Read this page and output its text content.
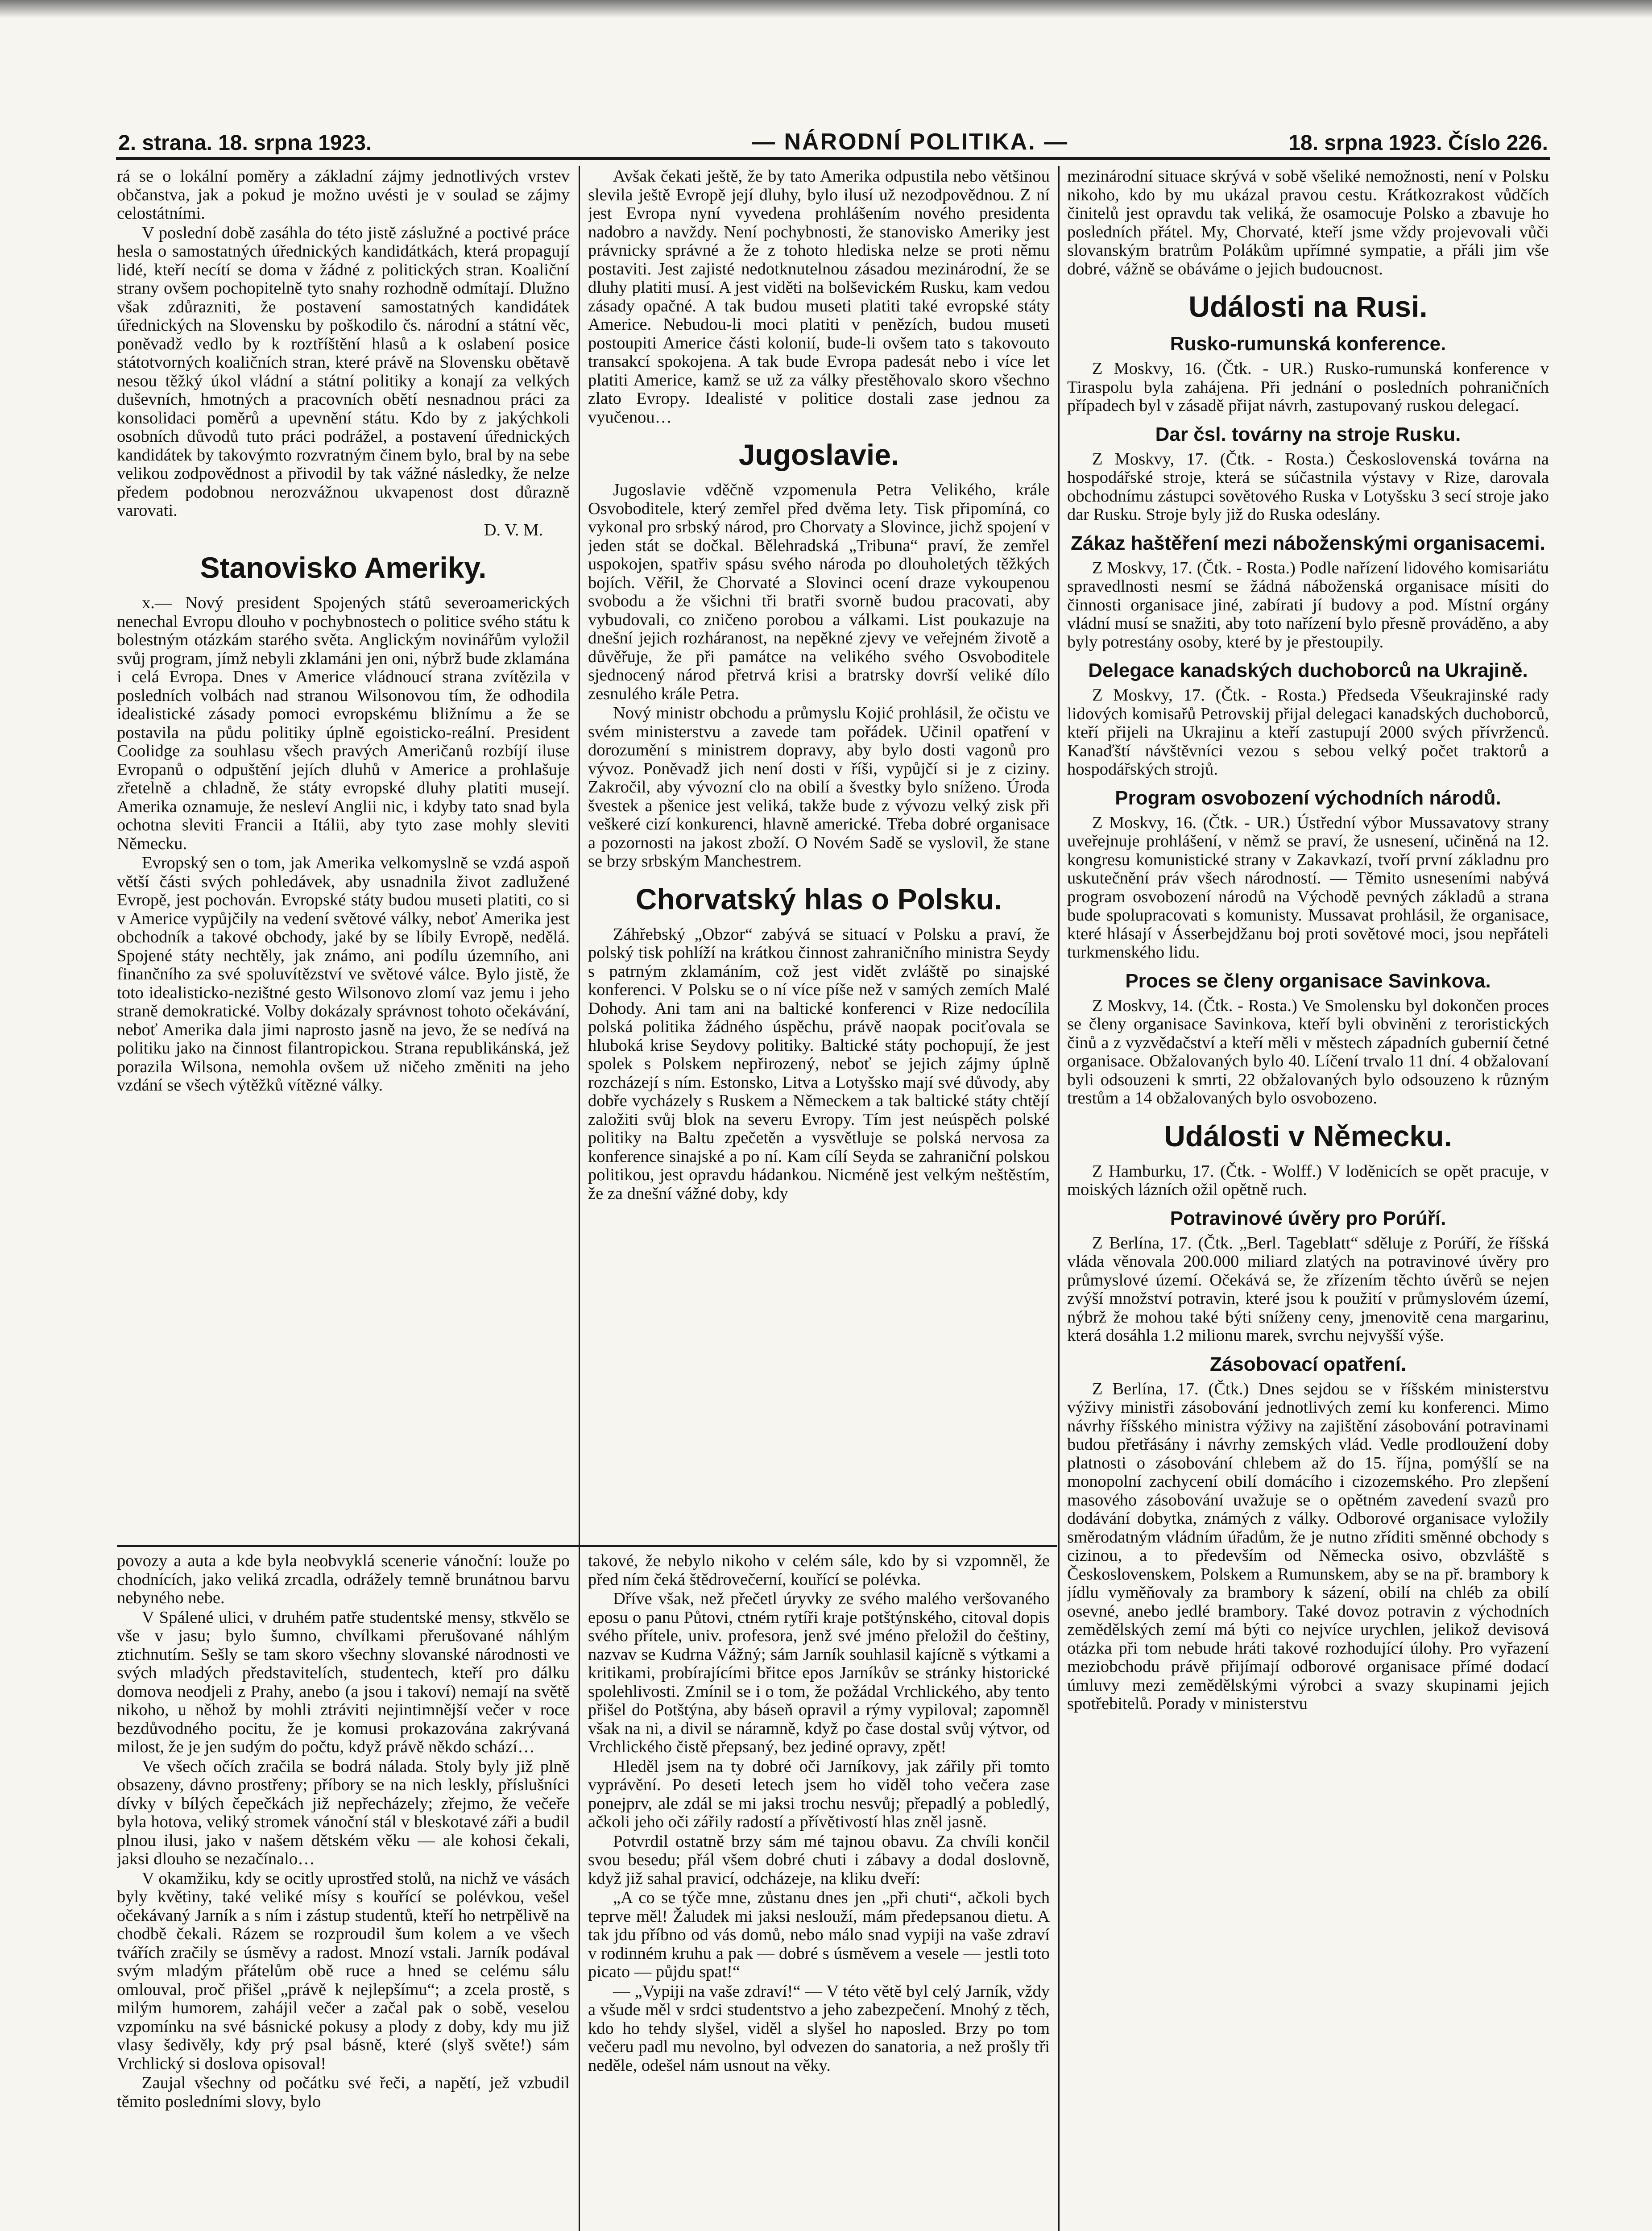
2. strana. 18. srpna 1923.	— NÁRODNÍ POLITIKA. —	18. srpna 1923. Číslo 226.

rá se o lokální poměry a základní zájmy jednotlivých vrstev občanstva, jak a pokud je možno uvésti je v soulad se zájmy celostátními.

V poslední době zasáhla do této jistě záslužné a poctivé práce hesla o samostatných úřednických kandidátkách, která propagují lidé, kteří necítí se doma v žádné z politických stran. Koaliční strany ovšem pochopitelně tyto snahy rozhodně odmítají. Dlužno však zdůrazniti, že postavení samostatných kandidátek úřednických na Slovensku by poškodilo čs. národní a státní věc, poněvadž vedlo by k roztříštění hlasů a k oslabení posice státotvorných koaličních stran, které právě na Slovensku obětavě nesou těžký úkol vládní a státní politiky a konají za velkých duševních, hmotných a pracovních obětí nesnadnou práci za konsolidaci poměrů a upevnění státu. Kdo by z jakýchkoli osobních důvodů tuto práci podrážel, a postavení úřednických kandidátek by takovýmto rozvratným činem bylo, bral by na sebe velikou zodpovědnost a přivodil by tak vážné následky, že nelze předem podobnou nerozvážnou ukvapenost dost důrazně varovati.

D. V. M.

Stanovisko Ameriky.

x.— Nový president Spojených států severoamerických nenechal Evropu dlouho v pochybnostech o politice svého státu k bolestným otázkám starého světa. Anglickým novinářům vyložil svůj program, jímž nebyli zklamáni jen oni, nýbrž bude zklamána i celá Evropa. Dnes v Americe vládnoucí strana zvítězila v posledních volbách nad stranou Wilsonovou tím, že odhodila idealistické zásady pomoci evropskému bližnímu a že se postavila na půdu politiky úplně egoisticko-reální. President Coolidge za souhlasu všech pravých Američanů rozbíjí iluse Evropanů o odpuštění jejích dluhů v Americe a prohlašuje zřetelně a chladně, že státy evropské dluhy platiti musejí. Amerika oznamuje, že nesleví Anglii nic, i kdyby tato snad byla ochotna sleviti Francii a Itálii, aby tyto zase mohly sleviti Německu.

Evropský sen o tom, jak Amerika velkomyslně se vzdá aspoň větší části svých pohledávek, aby usnadnila život zadlužené Evropě, jest pochován. Evropské státy budou museti platiti, co si v Americe vypůjčily na vedení světové války, neboť Amerika jest obchodník a takové obchody, jaké by se líbily Evropě, nedělá. Spojené státy nechtěly, jak známo, ani podílu územního, ani finančního za své spoluvítězství ve světové válce. Bylo jistě, že toto idealisticko-nezištné gesto Wilsonovo zlomí vaz jemu i jeho straně demokratické. Volby dokázaly správnost tohoto očekávání, neboť Amerika dala jimi naprosto jasně na jevo, že se nedívá na politiku jako na činnost filantropickou. Strana republikánská, jež porazila Wilsona, nemohla ovšem už ničeho změniti na jeho vzdání se všech výtěžků vítězné války.

Avšak čekati ještě, že by tato Amerika odpustila nebo většinou slevila ještě Evropě její dluhy, bylo ilusí už nezodpovědnou. Z ní jest Evropa nyní vyvedena prohlášením nového presidenta nadobro a navždy. Není pochybnosti, že stanovisko Ameriky jest právnicky správné a že z tohoto hlediska nelze se proti němu postaviti. Jest zajisté nedotknutelnou zásadou mezinárodní, že se dluhy platiti musí. A jest viděti na bolševickém Rusku, kam vedou zásady opačné. A tak budou museti platiti také evropské státy Americe. Nebudou-li moci platiti v penězích, budou museti postoupiti Americe části kolonií, bude-li ovšem tato s takovouto transakcí spokojena. A tak bude Evropa padesát nebo i více let platiti Americe, kamž se už za války přestěhovalo skoro všechno zlato Evropy. Idealisté v politice dostali zase jednou za vyučenou…

Jugoslavie.

Jugoslavie vděčně vzpomenula Petra Velikého, krále Osvoboditele, který zemřel před dvěma lety. Tisk připomíná, co vykonal pro srbský národ, pro Chorvaty a Slovince, jichž spojení v jeden stát se dočkal. Bělehradská „Tribuna“ praví, že zemřel uspokojen, spatřiv spásu svého národa po dlouholetých těžkých bojích. Věřil, že Chorvaté a Slovinci ocení draze vykoupenou svobodu a že všichni tři bratři svorně budou pracovati, aby vybudovali, co zničeno porobou a válkami. List poukazuje na dnešní jejich rozháranost, na nepěkné zjevy ve veřejném životě a důvěřuje, že při památce na velikého svého Osvoboditele sjednocený národ přetrvá krisi a bratrsky dovrší veliké dílo zesnulého krále Petra.

Nový ministr obchodu a průmyslu Kojić prohlásil, že očistu ve svém ministerstvu a zavede tam pořádek. Učinil opatření v dorozumění s ministrem dopravy, aby bylo dosti vagonů pro vývoz. Poněvadž jich není dosti v říši, vypůjčí si je z ciziny. Zakročil, aby vývozní clo na obilí a švestky bylo sníženo. Úroda švestek a pšenice jest veliká, takže bude z vývozu velký zisk při veškeré cizí konkurenci, hlavně americké. Třeba dobré organisace a pozornosti na jakost zboží. O Novém Sadě se vyslovil, že stane se brzy srbským Manchestrem.

Chorvatský hlas o Polsku.

Záhřebský „Obzor“ zabývá se situací v Polsku a praví, že polský tisk pohlíží na krátkou činnost zahraničního ministra Seydy s patrným zklamáním, což jest vidět zvláště po sinajské konferenci. V Polsku se o ní více píše než v samých zemích Malé Dohody. Ani tam ani na baltické konferenci v Rize nedocílila polská politika žádného úspěchu, právě naopak pociťovala se hluboká krise Seydovy politiky. Baltické státy pochopují, že jest spolek s Polskem nepřirozený, neboť se jejich zájmy úplně rozcházejí s ním. Estonsko, Litva a Lotyšsko mají své důvody, aby dobře vycházely s Ruskem a Německem a tak baltické státy chtějí založiti svůj blok na severu Evropy. Tím jest neúspěch polské politiky na Baltu zpečetěn a vysvětluje se polská nervosa za konference sinajské a po ní. Kam cílí Seyda se zahraniční polskou politikou, jest opravdu hádankou. Nicméně jest velkým neštěstím, že za dnešní vážné doby, kdy

povozy a auta a kde byla neobvyklá scenerie vánoční: louže po chodnících, jako veliká zrcadla, odrážely temně brunátnou barvu nebyného nebe.

V Spálené ulici, v druhém patře studentské mensy, stkvělo se vše v jasu; bylo šumno, chvílkami přerušované náhlým ztichnutím. Sešly se tam skoro všechny slovanské národnosti ve svých mladých představitelích, studentech, kteří pro dálku domova neodjeli z Prahy, anebo (a jsou i takoví) nemají na světě nikoho, u něhož by mohli ztráviti nejintimnější večer v roce bezdůvodného pocitu, že je komusi prokazována zakrývaná milost, že je jen sudým do počtu, když právě někdo schází…

Ve všech očích zračila se bodrá nálada. Stoly byly již plně obsazeny, dávno prostřeny; příbory se na nich leskly, příslušníci dívky v bílých čepečkách již nepřecházely; zřejmo, že večeře byla hotova, veliký stromek vánoční stál v bleskotavé záři a budil plnou ilusi, jako v našem dětském věku — ale kohosi čekali, jaksi dlouho se nezačínalo…

V okamžiku, kdy se ocitly uprostřed stolů, na nichž ve vásách byly květiny, také veliké mísy s kouřící se polévkou, vešel očekávaný Jarník a s ním i zástup studentů, kteří ho netrpělivě na chodbě čekali. Rázem se rozproudil šum kolem a ve všech tvářích zračily se úsměvy a radost. Mnozí vstali. Jarník podával svým mladým přátelům obě ruce a hned se celému sálu omlouval, proč přišel „právě k nejlepšímu“; a zcela prostě, s milým humorem, zahájil večer a začal pak o sobě, veselou vzpomínku na své básnické pokusy a plody z doby, kdy mu již vlasy šedivěly, kdy prý psal básně, které (slyš světe!) sám Vrchlický si doslova opisoval!

Zaujal všechny od počátku své řeči, a napětí, jež vzbudil těmito posledními slovy, bylo

takové, že nebylo nikoho v celém sále, kdo by si vzpomněl, že před ním čeká štědrovečerní, kouřící se polévka.

Dříve však, než přečetl úryvky ze svého malého veršovaného eposu o panu Půtovi, ctném rytíři kraje potštýnského, citoval dopis svého přítele, univ. profesora, jenž své jméno přeložil do češtiny, nazvav se Kudrna Vážný; sám Jarník souhlasil kajícně s výtkami a kritikami, probírajícími břitce epos Jarníkův se stránky historické spolehlivosti. Zmínil se i o tom, že požádal Vrchlického, aby tento přišel do Potštýna, aby báseň opravil a rýmy vypiloval; zapomněl však na ni, a divil se náramně, když po čase dostal svůj výtvor, od Vrchlického čistě přepsaný, bez jediné opravy, zpět!

Hleděl jsem na ty dobré oči Jarníkovy, jak zářily při tomto vyprávění. Po deseti letech jsem ho viděl toho večera zase ponejprv, ale zdál se mi jaksi trochu nesvůj; přepadlý a pobledlý, ačkoli jeho oči zářily radostí a přívětivostí hlas zněl jasně.

Potvrdil ostatně brzy sám mé tajnou obavu. Za chvíli končil svou besedu; přál všem dobré chuti i zábavy a dodal doslovně, když již sahal pravicí, odcházeje, na kliku dveří:

„A co se týče mne, zůstanu dnes jen „při chuti“, ačkoli bych teprve měl! Žaludek mi jaksi neslouží, mám předepsanou dietu. A tak jdu příbno od vás domů, nebo málo snad vypiji na vaše zdraví v rodinném kruhu a pak — dobré s úsměvem a vesele — jestli toto picato — půjdu spat!“

— „Vypiji na vaše zdraví!“ — V této větě byl celý Jarník, vždy a všude měl v srdci studentstvo a jeho zabezpečení. Mnohý z těch, kdo ho tehdy slyšel, viděl a slyšel ho naposled. Brzy po tom večeru padl mu nevolno, byl odvezen do sanatoria, a než prošly tři neděle, odešel nám usnout na věky.

mezinárodní situace skrývá v sobě všeliké nemožnosti, není v Polsku nikoho, kdo by mu ukázal pravou cestu. Krátkozrakost vůdčích činitelů jest opravdu tak veliká, že osamocuje Polsko a zbavuje ho posledních přátel. My, Chorvaté, kteří jsme vždy projevovali vůči slovanským bratrům Polákům upřímné sympatie, a přáli jim vše dobré, vážně se obáváme o jejich budoucnost.

Události na Rusi.
Rusko-rumunská konference.

Z Moskvy, 16. (Čtk. - UR.) Rusko-rumunská konference v Tiraspolu byla zahájena. Při jednání o posledních pohraničních případech byl v zásadě přijat návrh, zastupovaný ruskou delegací.

Dar čsl. továrny na stroje Rusku.

Z Moskvy, 17. (Čtk. - Rosta.) Československá továrna na hospodářské stroje, která se súčastnila výstavy v Rize, darovala obchodnímu zástupci sovětového Ruska v Lotyšsku 3 secí stroje jako dar Rusku. Stroje byly již do Ruska odeslány.

Zákaz haštěření mezi náboženskými organisacemi.

Z Moskvy, 17. (Čtk. - Rosta.) Podle nařízení lidového komisariátu spravedlnosti nesmí se žádná náboženská organisace mísiti do činnosti organisace jiné, zabírati jí budovy a pod. Místní orgány vládní musí se snažiti, aby toto nařízení bylo přesně prováděno, a aby byly potrestány osoby, které by je přestoupily.

Delegace kanadských duchoborců na Ukrajině.

Z Moskvy, 17. (Čtk. - Rosta.) Předseda Všeukrajinské rady lidových komisařů Petrovskij přijal delegaci kanadských duchoborců, kteří přijeli na Ukrajinu a kteří zastupují 2000 svých přívrženců. Kanaďští návštěvníci vezou s sebou velký počet traktorů a hospodářských strojů.

Program osvobození východních národů.

Z Moskvy, 16. (Čtk. - UR.) Ústřední výbor Mussavatovy strany uveřejnuje prohlášení, v němž se praví, že usnesení, učiněná na 12. kongresu komunistické strany v Zakavkazí, tvoří první základnu pro uskutečnění práv všech národností. — Těmito usneseními nabývá program osvobození národů na Východě pevných základů a strana bude spolupracovati s komunisty. Mussavat prohlásil, že organisace, které hlásají v Ásserbejdžanu boj proti sovětové moci, jsou nepřáteli turkmenského lidu.

Proces se členy organisace Savinkova.

Z Moskvy, 14. (Čtk. - Rosta.) Ve Smolensku byl dokončen proces se členy organisace Savinkova, kteří byli obviněni z teroristických činů a z vyzvědačství a kteří měli v městech západních gubernií četné organisace. Obžalovaných bylo 40. Líčení trvalo 11 dní. 4 obžalovaní byli odsouzeni k smrti, 22 obžalovaných bylo odsouzeno k různým trestům a 14 obžalovaných bylo osvobozeno.

Události v Německu.

Z Hamburku, 17. (Čtk. - Wolff.) V loděnicích se opět pracuje, v moiských lázních ožil opětně ruch.

Potravinové úvěry pro Porúří.

Z Berlína, 17. (Čtk. „Berl. Tageblatt“ sděluje z Porúří, že říšská vláda věnovala 200.000 miliard zlatých na potravinové úvěry pro průmyslové území. Očekává se, že zřízením těchto úvěrů se nejen zvýší množství potravin, které jsou k použití v průmyslovém území, nýbrž že mohou také býti sníženy ceny, jmenovitě cena margarinu, která dosáhla 1.2 milionu marek, svrchu nejvyšší výše.

Zásobovací opatření.

Z Berlína, 17. (Čtk.) Dnes sejdou se v říšském ministerstvu výživy ministři zásobování jednotlivých zemí ku konferenci. Mimo návrhy říšského ministra výživy na zajištění zásobování potravinami budou přetřásány i návrhy zemských vlád. Vedle prodloužení doby platnosti o zásobování chlebem až do 15. října, pomýšlí se na monopolní zachycení obilí domácího i cizozemského. Pro zlepšení masového zásobování uvažuje se o opětném zavedení svazů pro dodávání dobytka, známých z války. Odborové organisace vyložily směrodatným vládním úřadům, že je nutno zříditi směnné obchody s cizinou, a to především od Německa osivo, obzvláště s Československem, Polskem a Rumunskem, aby se na př. brambory k jídlu vyměňovaly za brambory k sázení, obilí na chléb za obilí osevné, anebo jedlé brambory. Také dovoz potravin z východních zemědělských zemí má býti co nejvíce urychlen, jelikož devisová otázka při tom nebude hráti takové rozhodující úlohy. Pro vyřazení meziobchodu právě přijímají odborové organisace přímé dodací úmluvy mezi zemědělskými výrobci a svazy skupinami jejich spotřebitelů. Porady v ministerstvu
